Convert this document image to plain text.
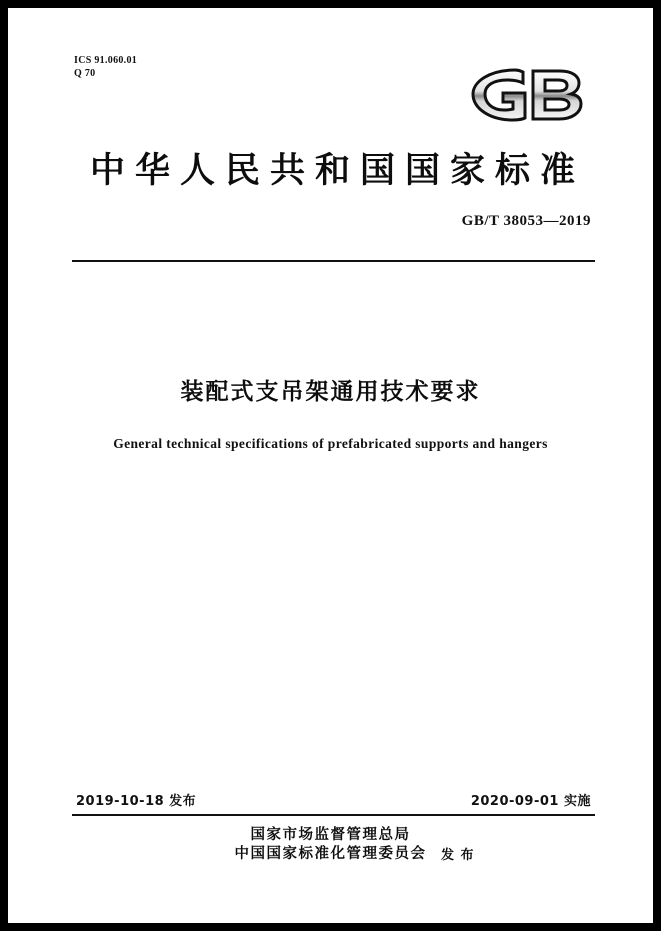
ICS 91.060.01
Q 70
中华人民共和国国家标准
GB/T 38053—2019
装配式支吊架通用技术要求
General technical specifications of prefabricated supports and hangers
2019-10-18 发布	2020-09-01 实施
国家市场监督管理总局
中国国家标准化管理委员会 发 布
